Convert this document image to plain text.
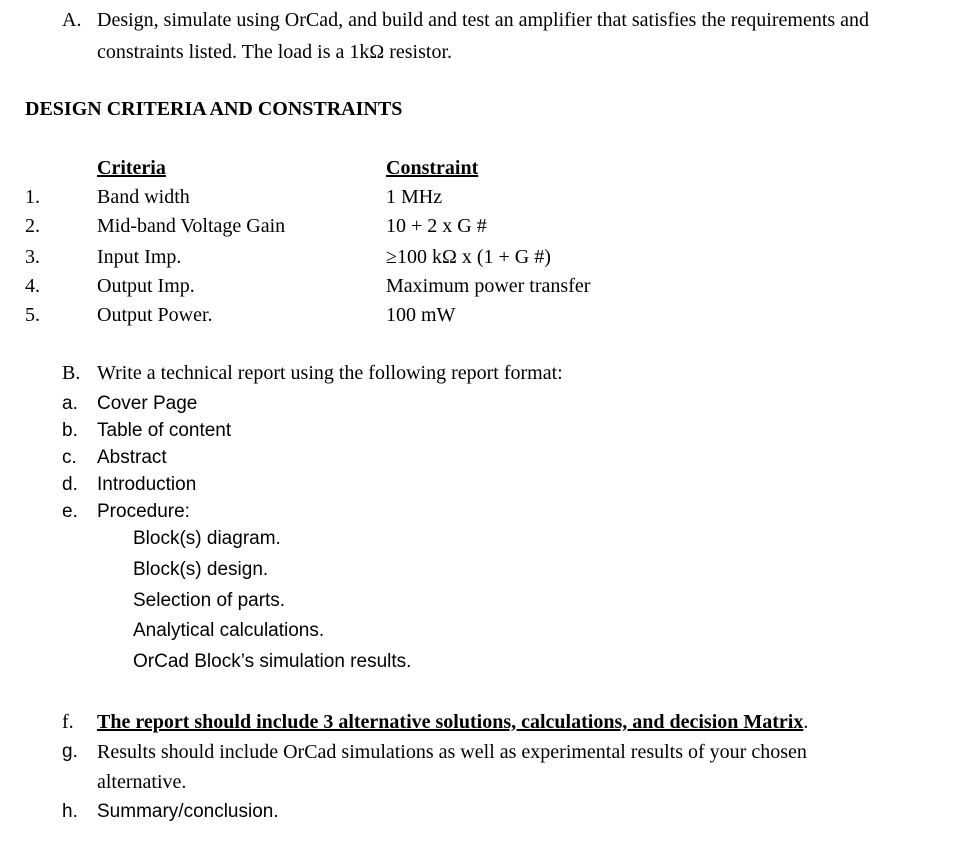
A. Design, simulate using OrCad, and build and test an amplifier that satisfies the requirements and
constraints listed. The load is a 1kΩ resistor.
DESIGN CRITERIA AND CONSTRAINTS
Criteria	Constraint
1.	Band width	1 MHz
2.	Mid-band Voltage Gain	10 + 2 x G #
3.	Input Imp.	≥100 kΩ x (1 + G #)
4.	Output Imp.	Maximum power transfer
5.	Output Power.	100 mW
B. Write a technical report using the following report format:
a. Cover Page
b. Table of content
c. Abstract
d. Introduction
e. Procedure:
Block(s) diagram.
Block(s) design.
Selection of parts.
Analytical calculations.
OrCad Block’s simulation results.
f. The report should include 3 alternative solutions, calculations, and decision Matrix.
g. Results should include OrCad simulations as well as experimental results of your chosen
alternative.
h. Summary/conclusion.
